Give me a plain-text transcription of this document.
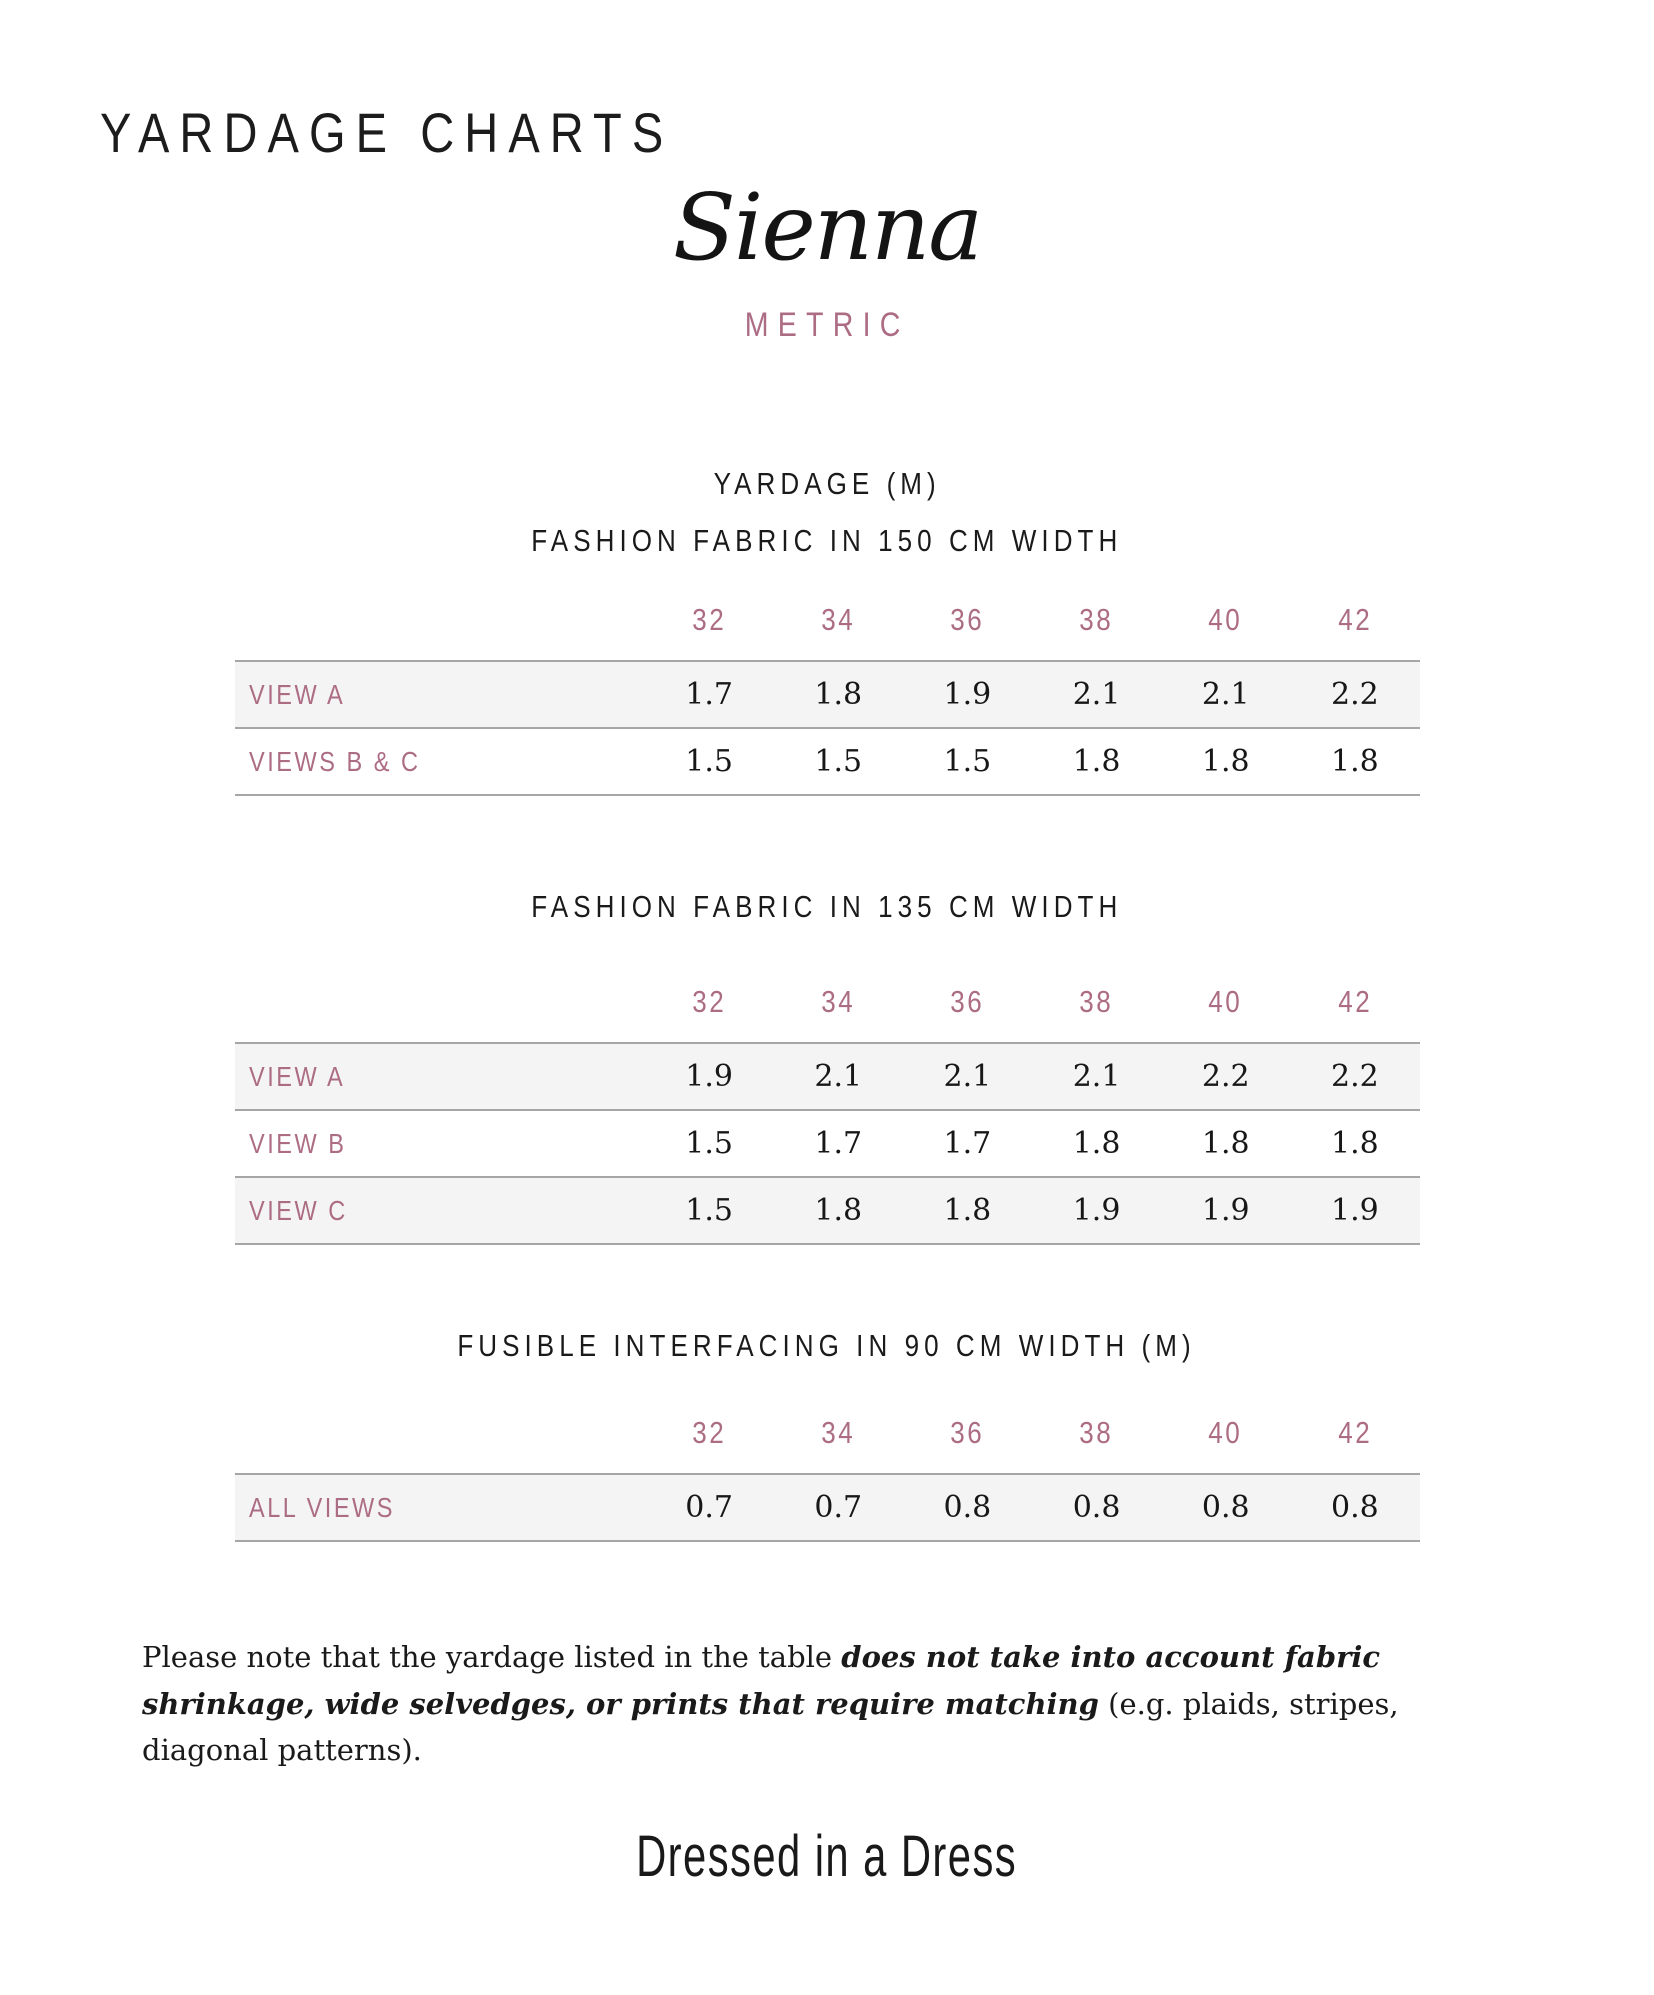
YARDAGE CHARTS
Sienna
METRIC
YARDAGE (M)
FASHION FABRIC IN 150 CM WIDTH
	32	34	36	38	40	42
VIEW A	1.7	1.8	1.9	2.1	2.1	2.2
VIEWS B & C	1.5	1.5	1.5	1.8	1.8	1.8
FASHION FABRIC IN 135 CM WIDTH
	32	34	36	38	40	42
VIEW A	1.9	2.1	2.1	2.1	2.2	2.2
VIEW B	1.5	1.7	1.7	1.8	1.8	1.8
VIEW C	1.5	1.8	1.8	1.9	1.9	1.9
FUSIBLE INTERFACING IN 90 CM WIDTH (M)
	32	34	36	38	40	42
ALL VIEWS	0.7	0.7	0.8	0.8	0.8	0.8

Please note that the yardage listed in the table does not take into account fabric shrinkage, wide selvedges, or prints that require matching (e.g. plaids, stripes, diagonal patterns).

Dressed in a Dress
